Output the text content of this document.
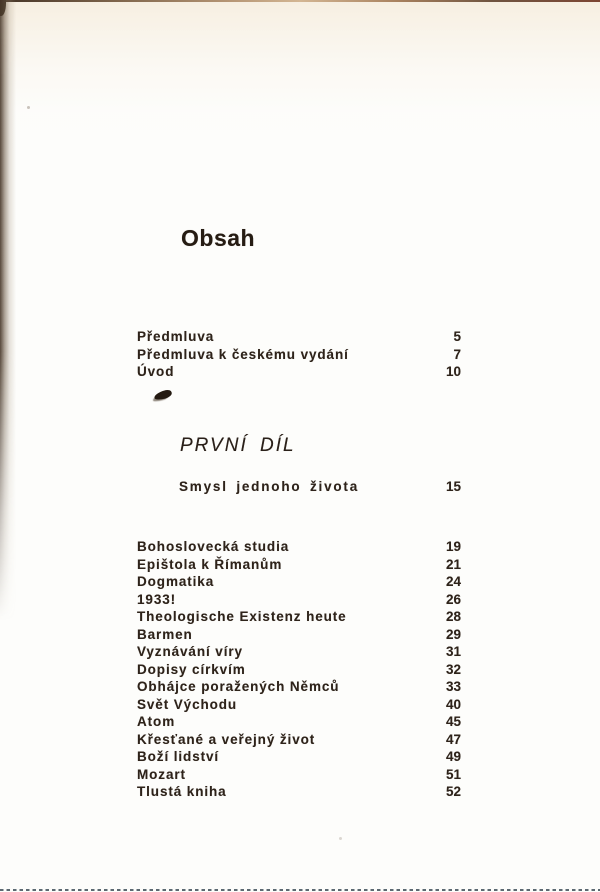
Obsah
Předmluva	5
Předmluva k českému vydání	7
Úvod	10
PRVNÍ DÍL
Smysl jednoho života	15
Bohoslovecká studia	19
Epištola k Římanům	21
Dogmatika	24
1933!	26
Theologische Existenz heute	28
Barmen	29
Vyznávání víry	31
Dopisy církvím	32
Obhájce poražených Němců	33
Svět Východu	40
Atom	45
Křesťané a veřejný život	47
Boží lidství	49
Mozart	51
Tlustá kniha	52
